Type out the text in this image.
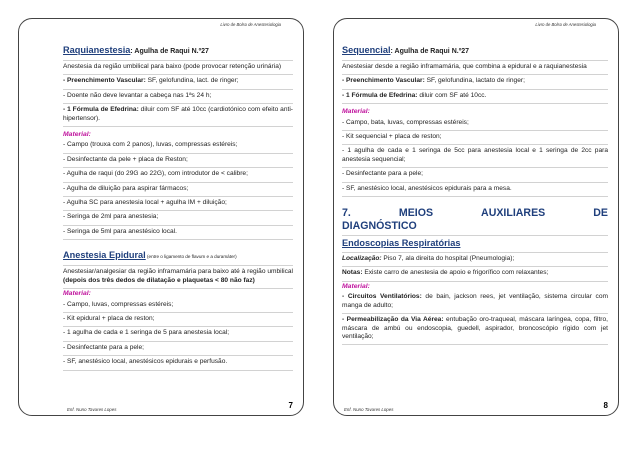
Livro de Bolso de Anestesiologia
Raquianestesia: Agulha de Raqui N.º27

Anestesia da região umbilical para baixo (pode provocar retenção urinária)

- Preenchimento Vascular: SF, gelofundina, lact. de ringer;

- Doente não deve levantar a cabeça nas 1ªs 24 h;

- 1 Fórmula de Efedrina: diluir com SF até 10cc (cardiotónico com efeito anti-hipertensor).

Material:

- Campo (trouxa com 2 panos), luvas, compressas estéreis;

- Desinfectante da pele + placa de Reston;

- Agulha de raqui (do 29G ao 22G), com introdutor de < calibre;

- Agulha de diluição para aspirar fármacos;

- Agulha SC para anestesia local + agulha IM + diluição;

- Seringa de 2ml para anestesia;

- Seringa de 5ml para anestésico local.

Anestesia Epidural (entre o ligamento de flavum e a duramáter)

Anestesiar/analgesiar da região inframamária para baixo até à região umbilical (depois dos três dedos de dilatação e plaquetas < 80 não faz)

Material:

- Campo, luvas, compressas estéreis;

- Kit epidural + placa de reston;

- 1 agulha de cada e 1 seringa de 5 para anestesia local;

- Desinfectante para a pele;

- SF, anestésico local, anestésicos epidurais e perfusão.

Enf. Nuno Tavares Lopes	7
Livro de Bolso de Anestesiologia
Sequencial: Agulha de Raqui N.º27

Anestesiar desde a região inframamária, que combina a epidural e a raquianestesia

- Preenchimento Vascular: SF, gelofundina, lactato de ringer;

- 1 Fórmula de Efedrina: diluir com SF até 10cc.

Material:

- Campo, bata, luvas, compressas estéreis;

- Kit sequencial + placa de reston;

- 1 agulha de cada e 1 seringa de 5cc para anestesia local e 1 seringa de 2cc para anestesia sequencial;

- Desinfectante para a pele;

- SF, anestésico local, anestésicos epidurais para a mesa.

7.	MEIOS	AUXILIARES	DE
DIAGNÓSTICO
Endoscopias Respiratórias

Localização: Piso 7, ala direita do hospital (Pneumologia);

Notas: Existe carro de anestesia de apoio e frigorífico com relaxantes;

Material:

- Circuitos Ventilatórios: de bain, jackson rees, jet ventilação, sistema circular com manga de adulto;

- Permeabilização da Via Aérea: entubação oro-traqueal, máscara laríngea, copa, filtro, máscara de ambú ou endoscopia, guedell, aspirador, broncoscópio rígido com jet ventilação;

Enf. Nuno Tavares Lopes	8
